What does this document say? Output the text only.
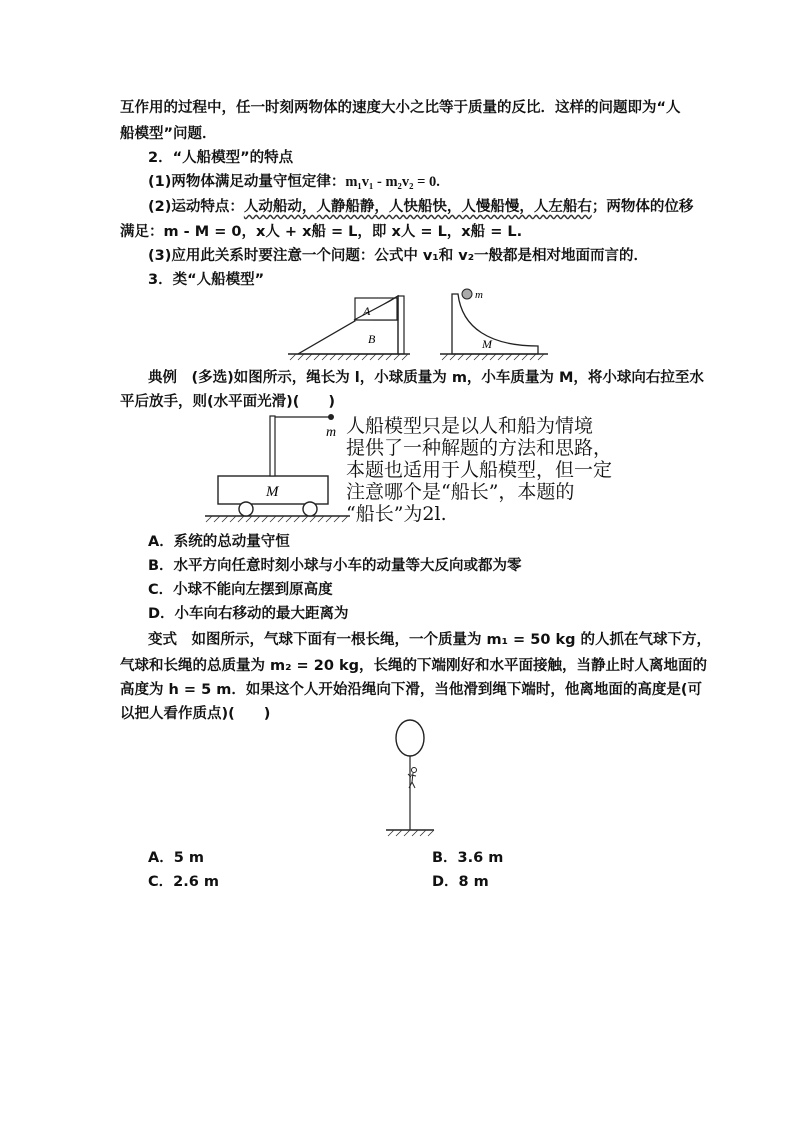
互作用的过程中，任一时刻两物体的速度大小之比等于质量的反比．这样的问题即为“人
船模型”问题．
2．“人船模型”的特点
(1)两物体满足动量守恒定律：m₁v₁ - m₂v₂ = 0.
(2)运动特点：人动船动，人静船静，人快船快，人慢船慢，人左船右；两物体的位移
满足：m - M = 0，x人 + x船 = L，即 x人 = L，x船 = L.
(3)应用此关系时要注意一个问题：公式中 v₁和 v₂一般都是相对地面而言的．
3．类“人船模型”
A
B
m
M
典例　(多选)如图所示，绳长为 l，小球质量为 m，小车质量为 M，将小球向右拉至水
平后放手，则(水平面光滑)(　　)
M
m 人船模型只是以人和船为情境
提供了一种解题的方法和思路，
本题也适用于人船模型，但一定
注意哪个是“船长”，本题的
“船长”为2l.
A．系统的总动量守恒
B．水平方向任意时刻小球与小车的动量等大反向或都为零
C．小球不能向左摆到原高度
D．小车向右移动的最大距离为
变式　如图所示，气球下面有一根长绳，一个质量为 m₁ = 50 kg 的人抓在气球下方，
气球和长绳的总质量为 m₂ = 20 kg，长绳的下端刚好和水平面接触，当静止时人离地面的
高度为 h = 5 m．如果这个人开始沿绳向下滑，当他滑到绳下端时，他离地面的高度是(可
以把人看作质点)(　　)
A．5 m	B．3.6 m
C．2.6 m	D．8 m
